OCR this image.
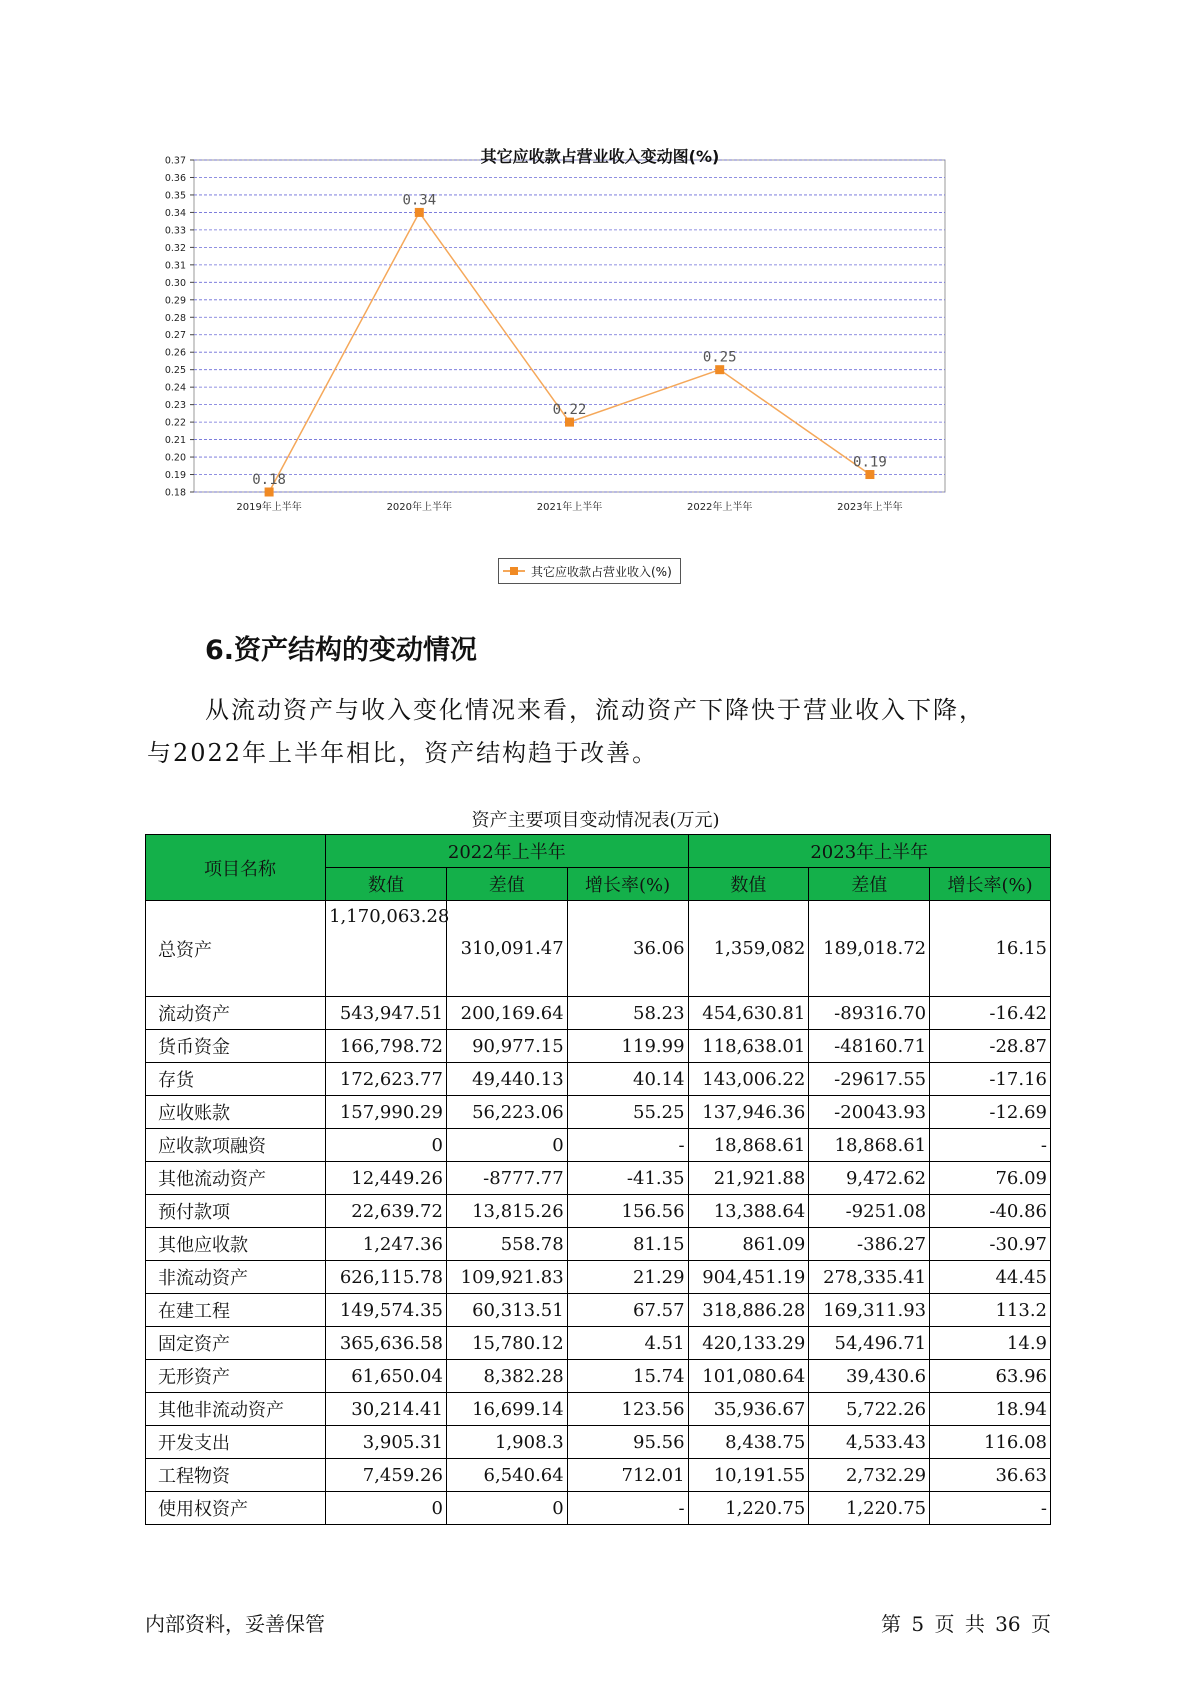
0.18
0.19
0.20
0.21
0.22
0.23
0.24
0.25
0.26
0.27
0.28
0.29
0.30
0.31
0.32
0.33
0.34
0.35
0.36
0.37
2019年上半年	2020年上半年	2021年上半年	2022年上半年	2023年上半年
0.18
0.34
0.22
0.25
0.19
其它应收款占营业收入变动图(%)
其它应收款占营业收入(%)
6.资产结构的变动情况
从流动资产与收入变化情况来看，流动资产下降快于营业收入下降，
与2022年上半年相比，资产结构趋于改善。
资产主要项目变动情况表(万元)
项目名称	2022年上半年			2023年上半年		
	数值	差值	增长率(%)	数值	差值	增长率(%)
总资产	1,170,063.28	310,091.47	36.06	1,359,082	189,018.72	16.15
流动资产	543,947.51	200,169.64	58.23	454,630.81	-89316.70	-16.42
货币资金	166,798.72	90,977.15	119.99	118,638.01	-48160.71	-28.87
存货	172,623.77	49,440.13	40.14	143,006.22	-29617.55	-17.16
应收账款	157,990.29	56,223.06	55.25	137,946.36	-20043.93	-12.69
应收款项融资	0	0	-	18,868.61	18,868.61	-
其他流动资产	12,449.26	-8777.77	-41.35	21,921.88	9,472.62	76.09
预付款项	22,639.72	13,815.26	156.56	13,388.64	-9251.08	-40.86
其他应收款	1,247.36	558.78	81.15	861.09	-386.27	-30.97
非流动资产	626,115.78	109,921.83	21.29	904,451.19	278,335.41	44.45
在建工程	149,574.35	60,313.51	67.57	318,886.28	169,311.93	113.2
固定资产	365,636.58	15,780.12	4.51	420,133.29	54,496.71	14.9
无形资产	61,650.04	8,382.28	15.74	101,080.64	39,430.6	63.96
其他非流动资产	30,214.41	16,699.14	123.56	35,936.67	5,722.26	18.94
开发支出	3,905.31	1,908.3	95.56	8,438.75	4,533.43	116.08
工程物资	7,459.26	6,540.64	712.01	10,191.55	2,732.29	36.63
使用权资产	0	0	-	1,220.75	1,220.75	-
内部资料，妥善保管	第 5 页 共 36 页
